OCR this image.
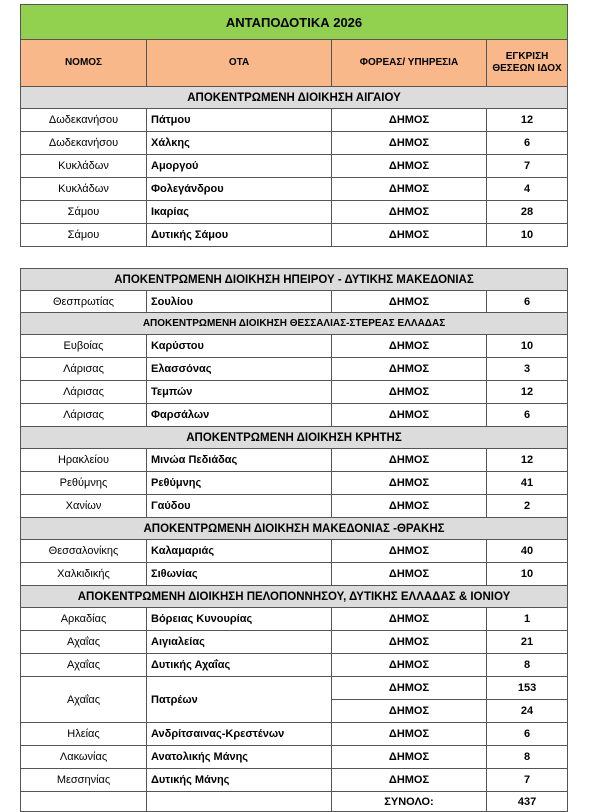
ΑΝΤΑΠΟΔΟΤΙΚΑ 2026			
ΝΟΜΟΣ	ΟΤΑ	ΦΟΡΕΑΣ/ ΥΠΗΡΕΣΙΑ	ΕΓΚΡΙΣΗ ΘΕΣΕΩΝ ΙΔΟΧ
ΑΠΟΚΕΝΤΡΩΜΕΝΗ ΔΙΟΙΚΗΣΗ ΑΙΓΑΙΟΥ			
Δωδεκανήσου	Πάτμου	ΔΗΜΟΣ	12
Δωδεκανήσου	Χάλκης	ΔΗΜΟΣ	6
Κυκλάδων	Αμοργού	ΔΗΜΟΣ	7
Κυκλάδων	Φολεγάνδρου	ΔΗΜΟΣ	4
Σάμου	Ικαρίας	ΔΗΜΟΣ	28
Σάμου	Δυτικής Σάμου	ΔΗΜΟΣ	10
ΑΠΟΚΕΝΤΡΩΜΕΝΗ ΔΙΟΙΚΗΣΗ ΗΠΕΙΡΟΥ - ΔΥΤΙΚΗΣ ΜΑΚΕΔΟΝΙΑΣ			
Θεσπρωτίας	Σουλίου	ΔΗΜΟΣ	6
ΑΠΟΚΕΝΤΡΩΜΕΝΗ ΔΙΟΙΚΗΣΗ ΘΕΣΣΑΛΙΑΣ-ΣΤΕΡΕΑΣ ΕΛΛΑΔΑΣ			
Ευβοίας	Καρύστου	ΔΗΜΟΣ	10
Λάρισας	Ελασσόνας	ΔΗΜΟΣ	3
Λάρισας	Τεμπών	ΔΗΜΟΣ	12
Λάρισας	Φαρσάλων	ΔΗΜΟΣ	6
ΑΠΟΚΕΝΤΡΩΜΕΝΗ ΔΙΟΙΚΗΣΗ ΚΡΗΤΗΣ			
Ηρακλείου	Μινώα Πεδιάδας	ΔΗΜΟΣ	12
Ρεθύμνης	Ρεθύμνης	ΔΗΜΟΣ	41
Χανίων	Γαύδου	ΔΗΜΟΣ	2
ΑΠΟΚΕΝΤΡΩΜΕΝΗ ΔΙΟΙΚΗΣΗ ΜΑΚΕΔΟΝΙΑΣ -ΘΡΑΚΗΣ			
Θεσσαλονίκης	Καλαμαριάς	ΔΗΜΟΣ	40
Χαλκιδικής	Σιθωνίας	ΔΗΜΟΣ	10
ΑΠΟΚΕΝΤΡΩΜΕΝΗ ΔΙΟΙΚΗΣΗ ΠΕΛΟΠΟΝΝΗΣΟΥ, ΔΥΤΙΚΗΣ ΕΛΛΑΔΑΣ & ΙΟΝΙΟΥ			
Αρκαδίας	Βόρειας Κυνουρίας	ΔΗΜΟΣ	1
Αχαΐας	Αιγιαλείας	ΔΗΜΟΣ	21
Αχαΐας	Δυτικής Αχαΐας	ΔΗΜΟΣ	8
Αχαΐας	Πατρέων	ΔΗΜΟΣ	153
		ΔΗΜΟΣ	24
Ηλείας	Ανδρίτσαινας-Κρεστένων	ΔΗΜΟΣ	6
Λακωνίας	Ανατολικής Μάνης	ΔΗΜΟΣ	8
Μεσσηνίας	Δυτικής Μάνης	ΔΗΜΟΣ	7
		ΣΥΝΟΛΟ:	437
